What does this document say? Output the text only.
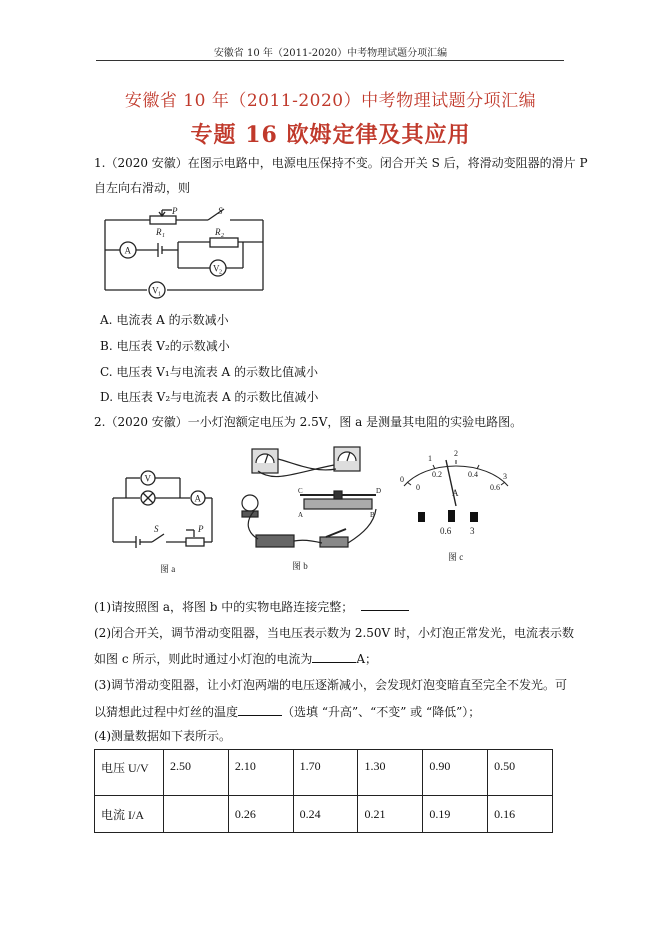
安徽省 10 年（2011-2020）中考物理试题分项汇编
安徽省 10 年（2011-2020）中考物理试题分项汇编
专题 16 欧姆定律及其应用
1.（2020 安徽）在图示电路中，电源电压保持不变。闭合开关 S 后，将滑动变阻器的滑片 P
自左向右滑动，则
P	S
R 1	R 2
A
V 2
V 1
A. 电流表 A 的示数减小
B. 电压表 V₂的示数减小
C. 电压表 V₁与电流表 A 的示数比值减小
D. 电压表 V₂与电流表 A 的示数比值减小
2.（2020 安徽）一小灯泡额定电压为 2.5V，图 a 是测量其电阻的实验电路图。
V
A
S	P
图 a
C	D
A	B
图 b
0
1
2
3
0
0.2	0.4
0.6
A
0.6 3
图 c
(1)请按照图 a，将图 b 中的实物电路连接完整；
(2)闭合开关，调节滑动变阻器，当电压表示数为 2.50V 时，小灯泡正常发光，电流表示数
如图 c 所示，则此时通过小灯泡的电流为	A；
(3)调节滑动变阻器，让小灯泡两端的电压逐渐减小，会发现灯泡变暗直至完全不发光。可
以猜想此过程中灯丝的温度	（选填 “升高”、“不变” 或 “降低”）；
(4)测量数据如下表所示。
电压 U/V	2.50	2.10	1.70	1.30	0.90	0.50
电流 I/A		0.26	0.24	0.21	0.19	0.16
